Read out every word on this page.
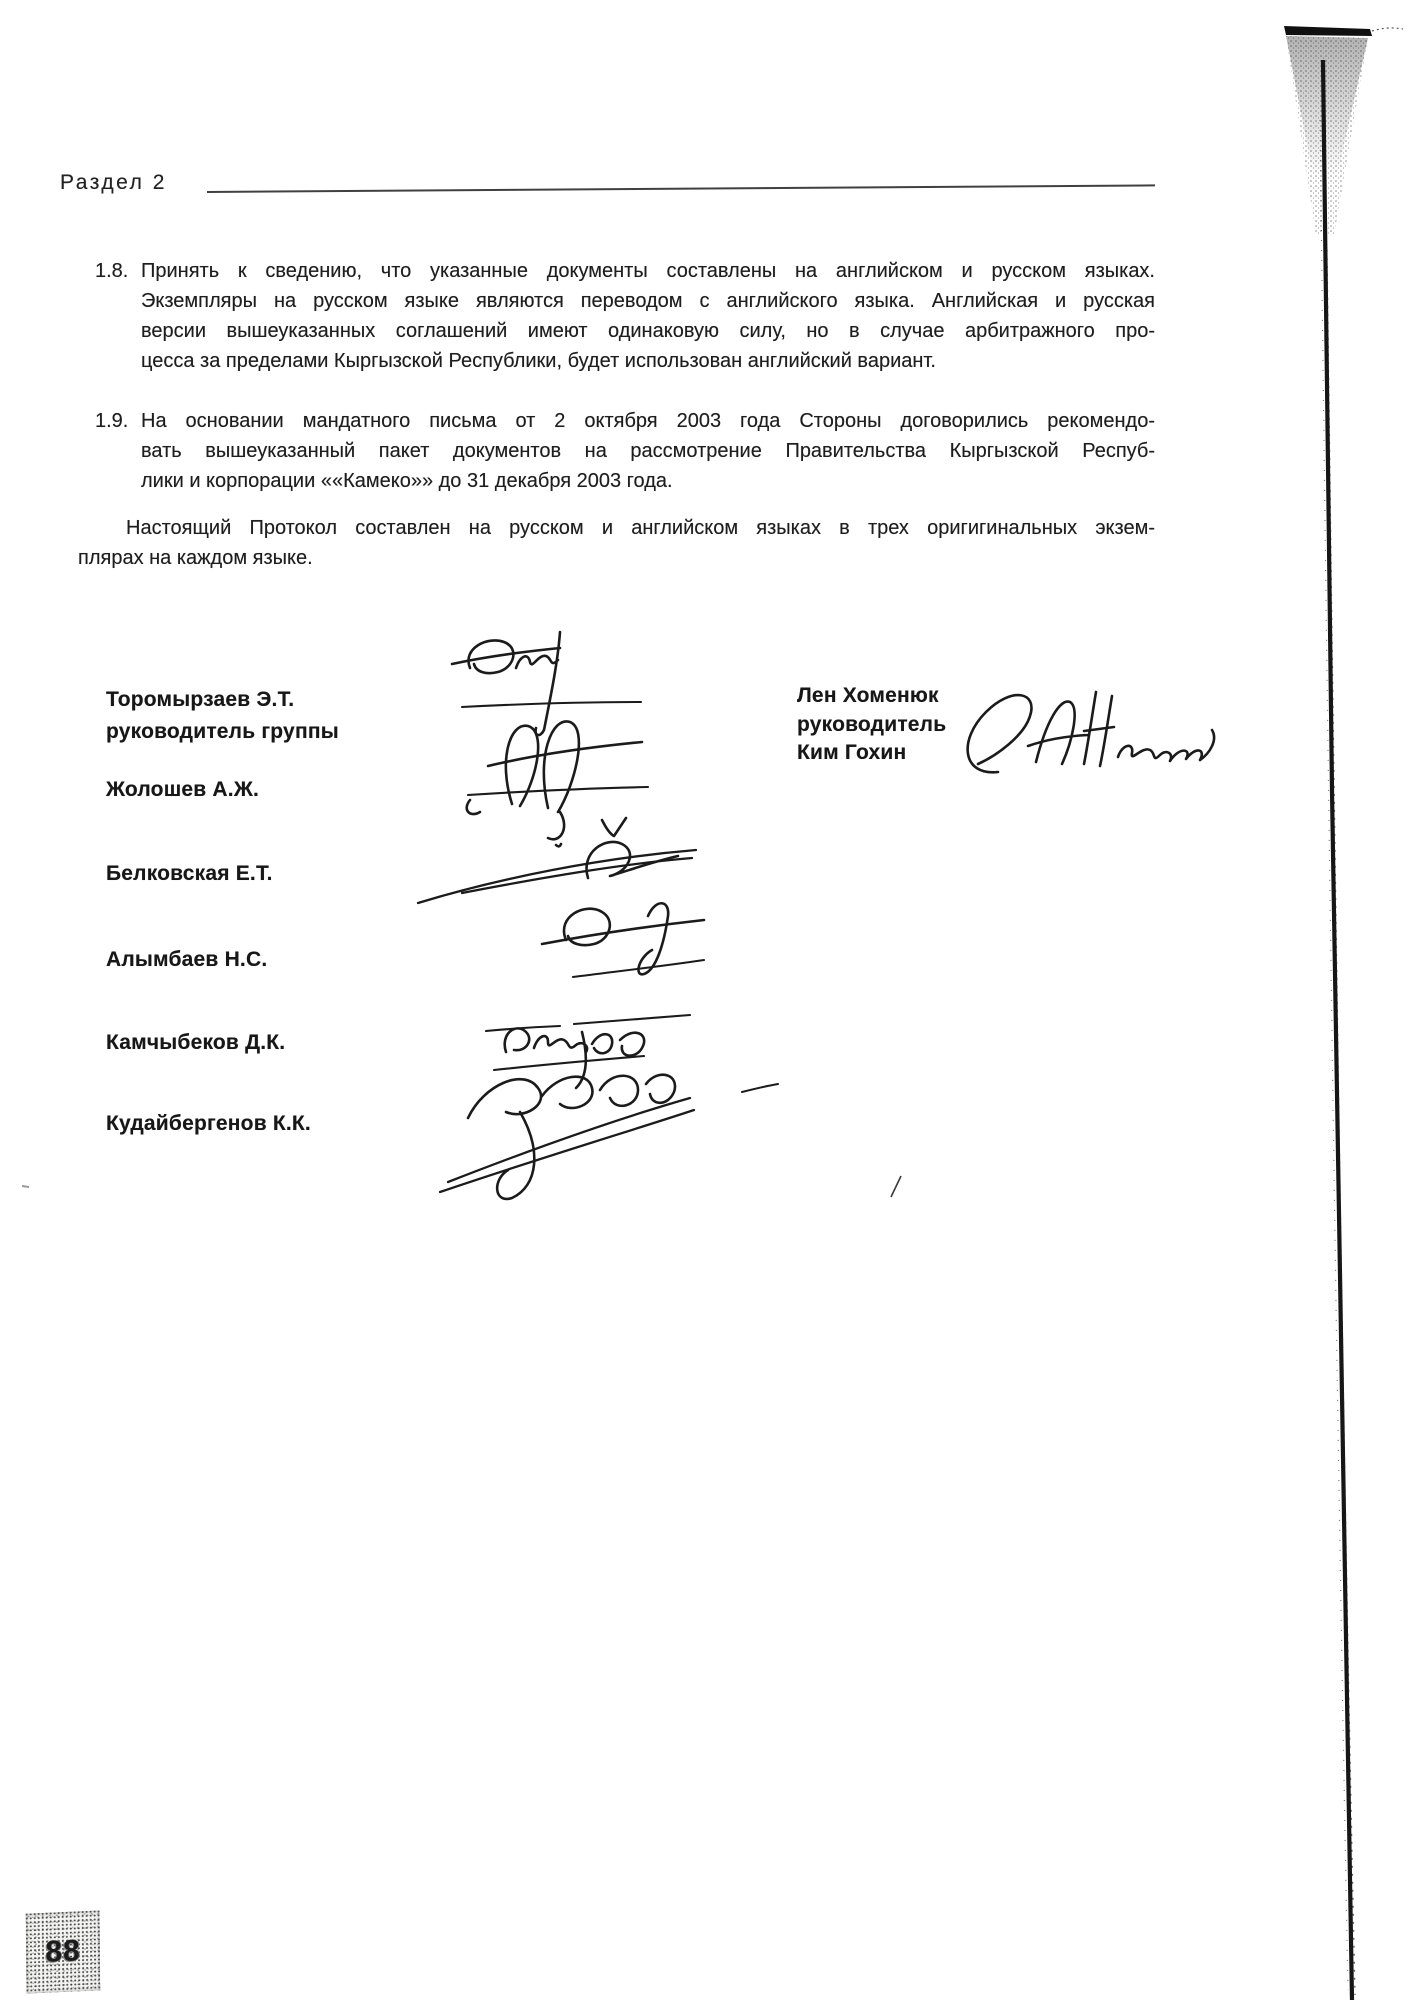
Раздел 2
1.8. Принять к сведению, что указанные документы составлены на английском и русском языках.
Экземпляры на русском языке являются переводом с английского языка. Английская и русская
версии вышеуказанных соглашений имеют одинаковую силу, но в случае арбитражного про-
цесса за пределами Кыргызской Республики, будет использован английский вариант.
1.9. На основании мандатного письма от 2 октября 2003 года Стороны договорились рекомендо-
вать вышеуказанный пакет документов на рассмотрение Правительства Кыргызской Респуб-
лики и корпорации ««Камеко»» до 31 декабря 2003 года.
Настоящий Протокол составлен на русском и английском языках в трех оригигинальных экзем-
плярах на каждом языке.
Торомырзаев Э.Т.
руководитель группы
Жолошев А.Ж.
Белковская Е.Т.
Алымбаев Н.С.
Камчыбеков Д.К.
Кудайбергенов К.К.
Лен Хоменюк
руководитель
Ким Гохин
88
